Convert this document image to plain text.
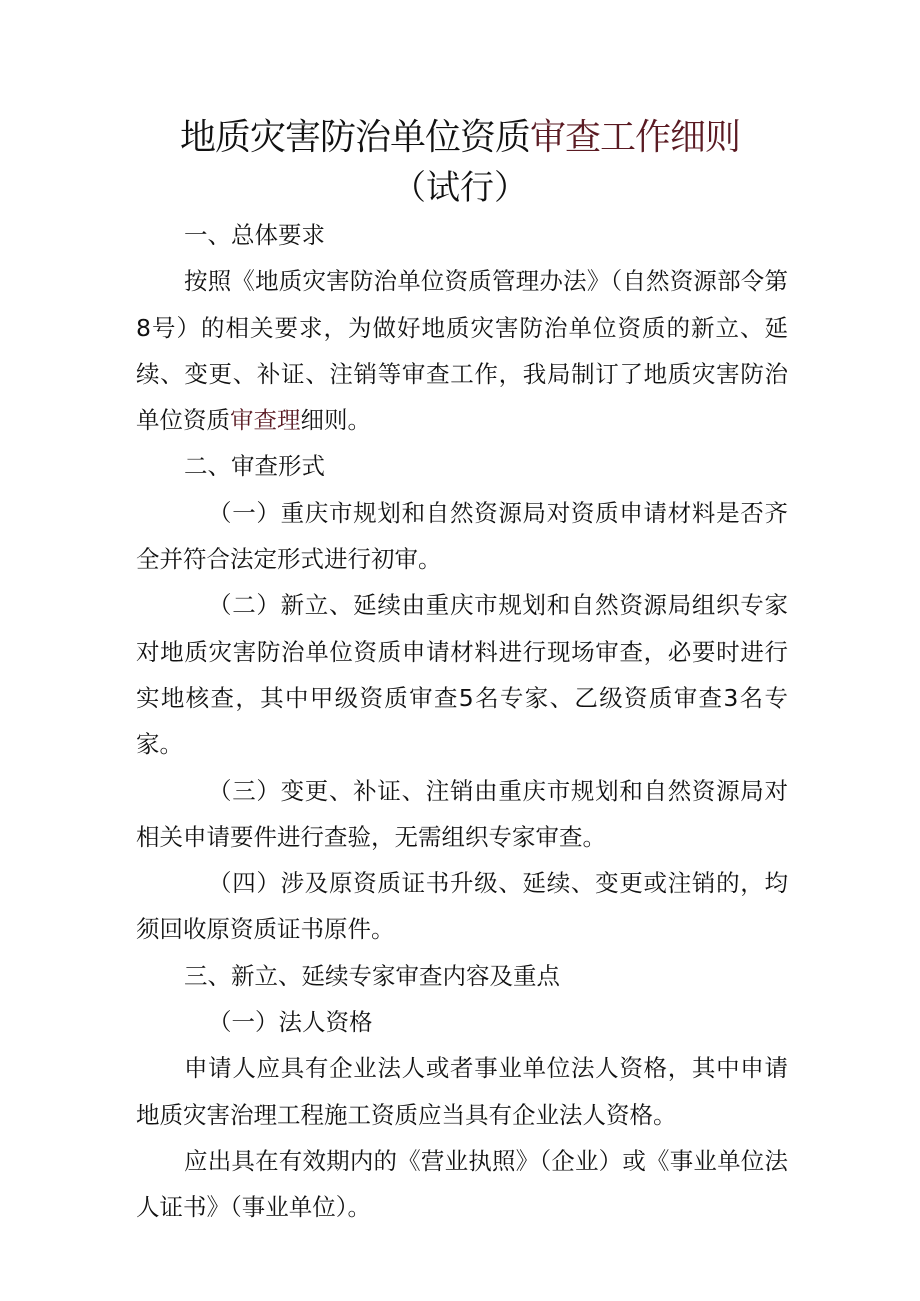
地质灾害防治单位资质审查工作细则
（试行）

一、总体要求

按照《地质灾害防治单位资质管理办法》（自然资源部令第8号）的相关要求，为做好地质灾害防治单位资质的新立、延续、变更、补证、注销等审查工作，我局制订了地质灾害防治单位资质审查理细则。

二、审查形式

（一）重庆市规划和自然资源局对资质申请材料是否齐全并符合法定形式进行初审。

（二）新立、延续由重庆市规划和自然资源局组织专家对地质灾害防治单位资质申请材料进行现场审查，必要时进行实地核查，其中甲级资质审查5名专家、乙级资质审查3名专家。

（三）变更、补证、注销由重庆市规划和自然资源局对相关申请要件进行查验，无需组织专家审查。

（四）涉及原资质证书升级、延续、变更或注销的，均须回收原资质证书原件。

三、新立、延续专家审查内容及重点

（一）法人资格

申请人应具有企业法人或者事业单位法人资格，其中申请地质灾害治理工程施工资质应当具有企业法人资格。

应出具在有效期内的《营业执照》（企业）或《事业单位法人证书》（事业单位）。
